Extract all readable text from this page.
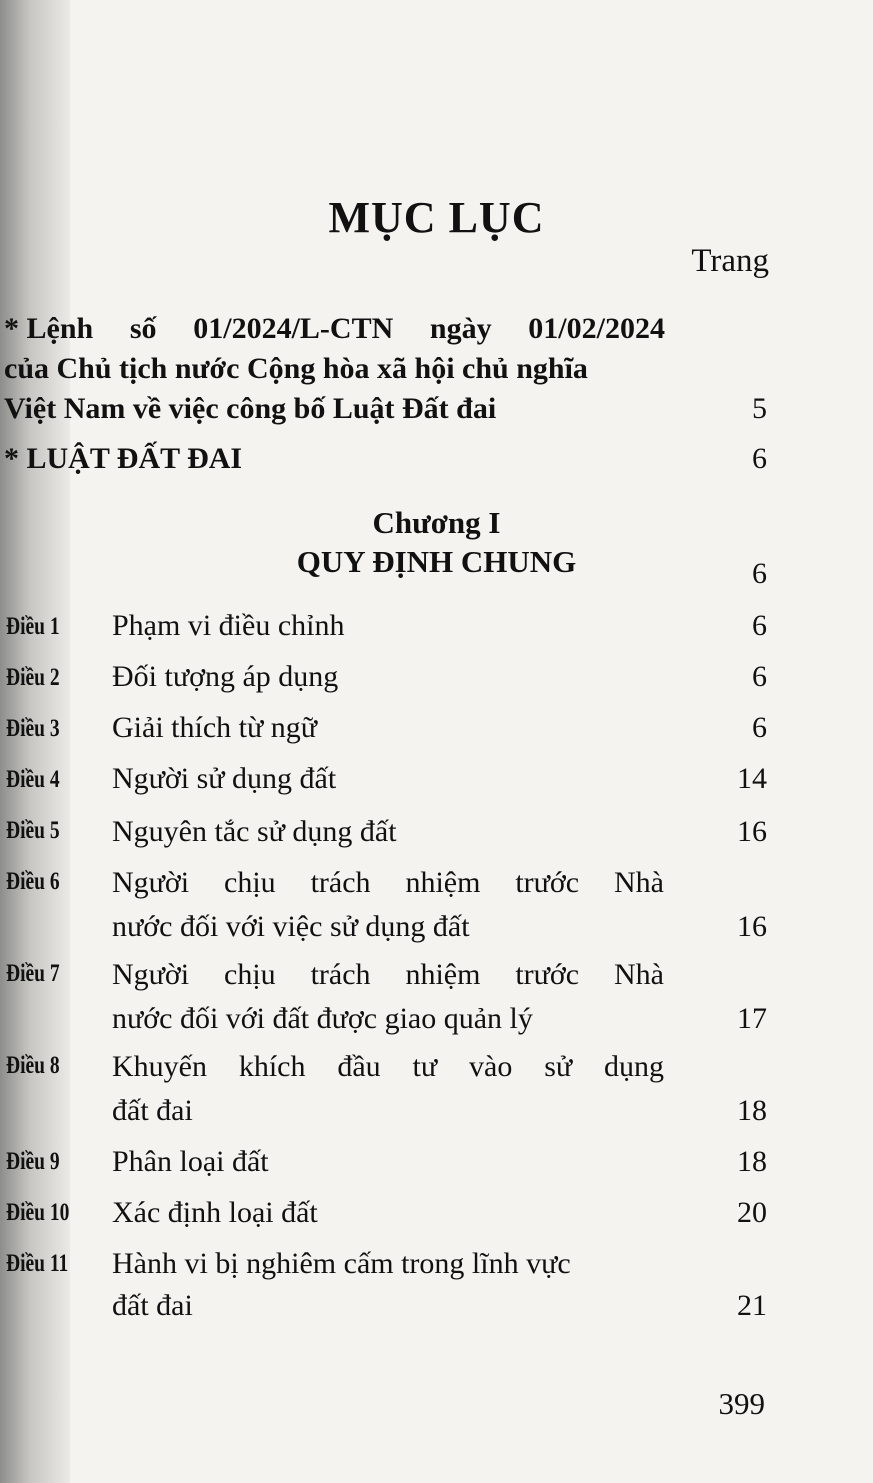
MỤC LỤC
Trang
* Lệnh số 01/2024/L-CTN ngày 01/02/2024
của Chủ tịch nước Cộng hòa xã hội chủ nghĩa
Việt Nam về việc công bố Luật Đất đai	5
* LUẬT ĐẤT ĐAI	6
Chương I
QUY ĐỊNH CHUNG	6
Điều 1 Phạm vi điều chỉnh	6
Điều 2 Đối tượng áp dụng	6
Điều 3 Giải thích từ ngữ	6
Điều 4 Người sử dụng đất	14
Điều 5 Nguyên tắc sử dụng đất	16
Điều 6 Người chịu trách nhiệm trước Nhà
nước đối với việc sử dụng đất	16
Điều 7 Người chịu trách nhiệm trước Nhà
nước đối với đất được giao quản lý	17
Điều 8 Khuyến khích đầu tư vào sử dụng
đất đai	18
Điều 9 Phân loại đất	18
Điều 10 Xác định loại đất	20
Điều 11 Hành vi bị nghiêm cấm trong lĩnh vực
đất đai	21
399
